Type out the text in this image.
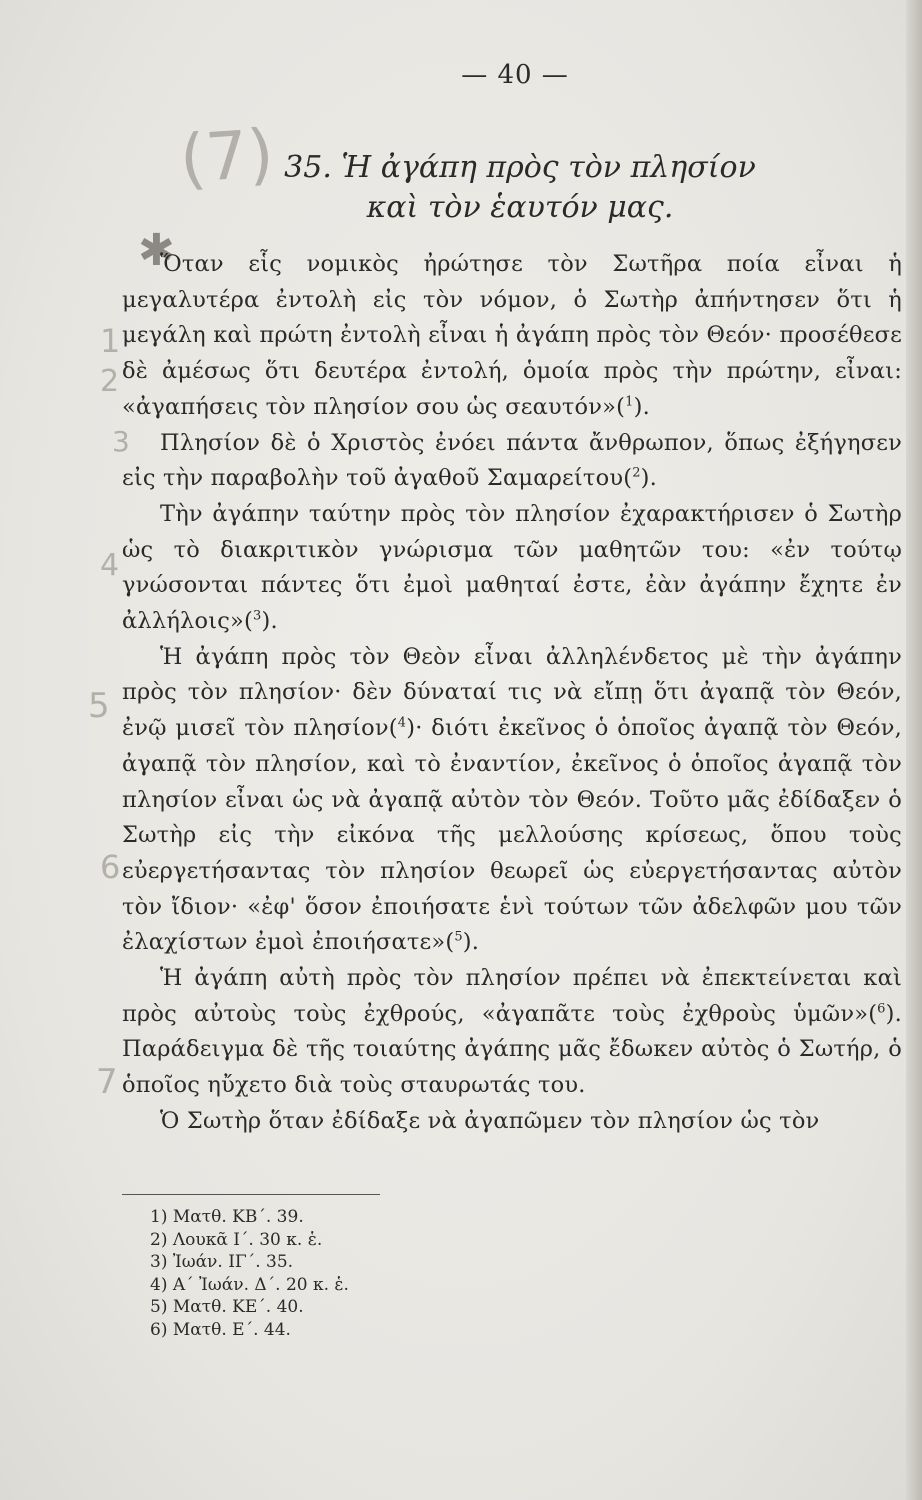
— 40 —
(7)
✱
1
2
3
4
5
6
7
35. Ἡ ἀγάπη πρὸς τὸν πλησίον
καὶ τὸν ἑαυτόν μας.

Ὅταν εἷς νομικὸς ἠρώτησε τὸν Σωτῆρα ποία εἶναι ἡ μεγαλυτέρα ἐντολὴ εἰς τὸν νόμον, ὁ Σωτὴρ ἀπήντησεν ὅτι ἡ μεγάλη καὶ πρώτη ἐντολὴ εἶναι ἡ ἀγάπη πρὸς τὸν Θεόν· προσέθεσε δὲ ἀμέσως ὅτι δευτέρα ἐντολή, ὁμοία πρὸς τὴν πρώτην, εἶναι: «ἀγαπήσεις τὸν πλησίον σου ὡς σεαυτόν»($^1$).

Πλησίον δὲ ὁ Χριστὸς ἐνόει πάντα ἄνθρωπον, ὅπως ἐξήγησεν εἰς τὴν παραβολὴν τοῦ ἀγαθοῦ Σαμαρείτου($^2$).

Τὴν ἀγάπην ταύτην πρὸς τὸν πλησίον ἐχαρακτήρισεν ὁ Σωτὴρ ὡς τὸ διακριτικὸν γνώρισμα τῶν μαθητῶν του: «ἐν τούτῳ γνώσονται πάντες ὅτι ἐμοὶ μαθηταί ἐστε, ἐὰν ἀγάπην ἔχητε ἐν ἀλλήλοις»($^3$).

Ἡ ἀγάπη πρὸς τὸν Θεὸν εἶναι ἀλληλένδετος μὲ τὴν ἀγάπην πρὸς τὸν πλησίον· δὲν δύναταί τις νὰ εἴπῃ ὅτι ἀγαπᾷ τὸν Θεόν, ἐνῷ μισεῖ τὸν πλησίον($^4$)· διότι ἐκεῖνος ὁ ὁποῖος ἀγαπᾷ τὸν Θεόν, ἀγαπᾷ τὸν πλησίον, καὶ τὸ ἐναντίον, ἐκεῖνος ὁ ὁποῖος ἀγαπᾷ τὸν πλησίον εἶναι ὡς νὰ ἀγαπᾷ αὐτὸν τὸν Θεόν. Τοῦτο μᾶς ἐδίδαξεν ὁ Σωτὴρ εἰς τὴν εἰκόνα τῆς μελλούσης κρίσεως, ὅπου τοὺς εὐεργετήσαντας τὸν πλησίον θεωρεῖ ὡς εὐεργετήσαντας αὐτὸν τὸν ἴδιον· «ἐφ' ὅσον ἐποιήσατε ἑνὶ τούτων τῶν ἀδελφῶν μου τῶν ἐλαχίστων ἐμοὶ ἐποιήσατε»($^5$).

Ἡ ἀγάπη αὐτὴ πρὸς τὸν πλησίον πρέπει νὰ ἐπεκτείνεται καὶ πρὸς αὐτοὺς τοὺς ἐχθρούς, «ἀγαπᾶτε τοὺς ἐχθροὺς ὑμῶν»($^6$). Παράδειγμα δὲ τῆς τοιαύτης ἀγάπης μᾶς ἔδωκεν αὐτὸς ὁ Σωτήρ, ὁ ὁποῖος ηὔχετο διὰ τοὺς σταυρωτάς του.

Ὁ Σωτὴρ ὅταν ἐδίδαξε νὰ ἀγαπῶμεν τὸν πλησίον ὡς τὸν

1) Ματθ. ΚΒ΄. 39.
2) Λουκᾶ Ι΄. 30 κ. ἑ.
3) Ἰωάν. ΙΓ΄. 35.
4) Α΄ Ἰωάν. Δ΄. 20 κ. ἑ.
5) Ματθ. ΚΕ΄. 40.
6) Ματθ. Ε΄. 44.
